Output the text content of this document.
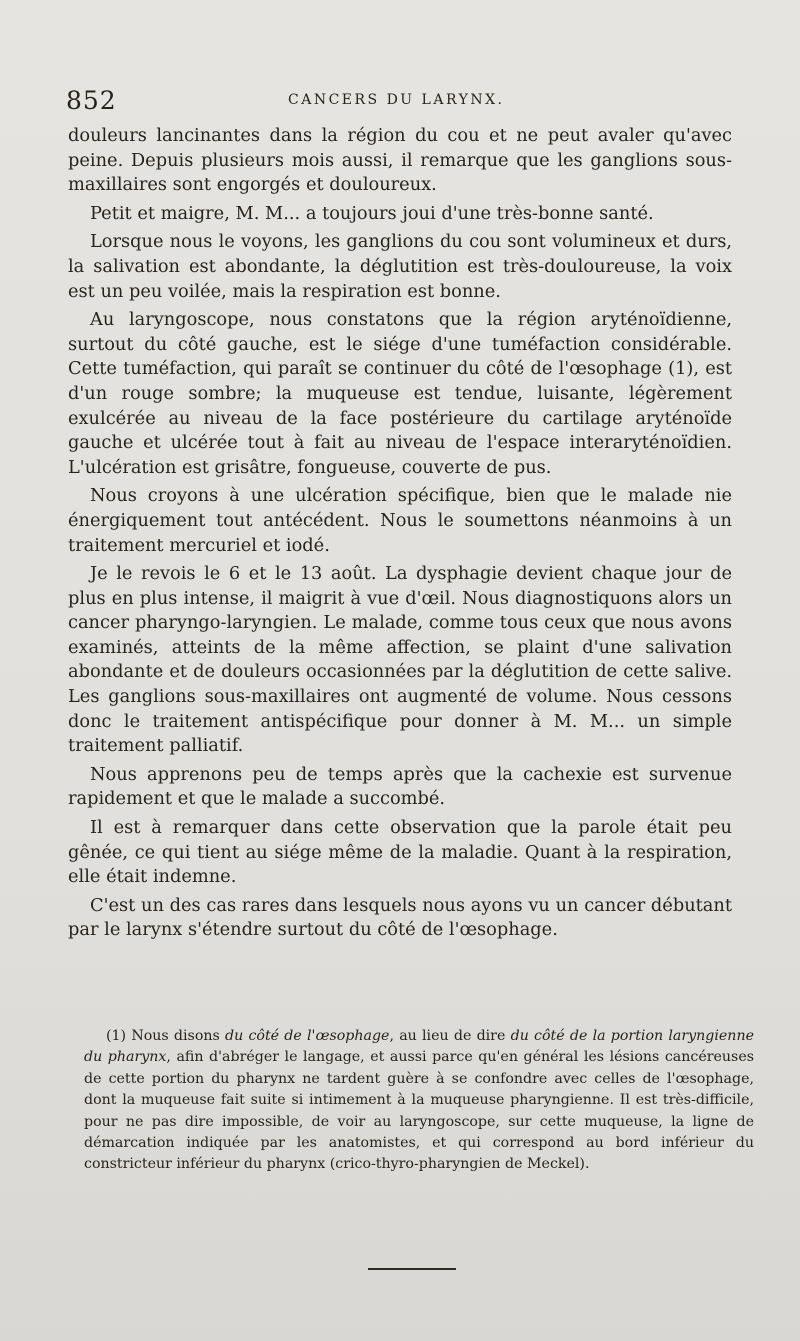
852	CANCERS DU LARYNX.

douleurs lancinantes dans la région du cou et ne peut avaler qu'avec peine. Depuis plusieurs mois aussi, il remarque que les ganglions sous-maxillaires sont engorgés et douloureux.

Petit et maigre, M. M... a toujours joui d'une très-bonne santé.

Lorsque nous le voyons, les ganglions du cou sont volumineux et durs, la salivation est abondante, la déglutition est très-douloureuse, la voix est un peu voilée, mais la respiration est bonne.

Au laryngoscope, nous constatons que la région aryténoïdienne, surtout du côté gauche, est le siége d'une tuméfaction considérable. Cette tuméfaction, qui paraît se continuer du côté de l'œsophage (1), est d'un rouge sombre; la muqueuse est tendue, luisante, légèrement exulcérée au niveau de la face postérieure du cartilage aryténoïde gauche et ulcérée tout à fait au niveau de l'espace interaryténoïdien. L'ulcération est grisâtre, fongueuse, couverte de pus.

Nous croyons à une ulcération spécifique, bien que le malade nie énergiquement tout antécédent. Nous le soumettons néanmoins à un traitement mercuriel et iodé.

Je le revois le 6 et le 13 août. La dysphagie devient chaque jour de plus en plus intense, il maigrit à vue d'œil. Nous diagnostiquons alors un cancer pharyngo-laryngien. Le malade, comme tous ceux que nous avons examinés, atteints de la même affection, se plaint d'une salivation abondante et de douleurs occasionnées par la déglutition de cette salive. Les ganglions sous-maxillaires ont augmenté de volume. Nous cessons donc le traitement antispécifique pour donner à M. M... un simple traitement palliatif.

Nous apprenons peu de temps après que la cachexie est survenue rapidement et que le malade a succombé.

Il est à remarquer dans cette observation que la parole était peu gênée, ce qui tient au siége même de la maladie. Quant à la respiration, elle était indemne.

C'est un des cas rares dans lesquels nous ayons vu un cancer débutant par le larynx s'étendre surtout du côté de l'œsophage.

(1) Nous disons du côté de l'œsophage, au lieu de dire du côté de la portion laryngienne du pharynx, afin d'abréger le langage, et aussi parce qu'en général les lésions cancéreuses de cette portion du pharynx ne tardent guère à se confondre avec celles de l'œsophage, dont la muqueuse fait suite si intimement à la muqueuse pharyngienne. Il est très-difficile, pour ne pas dire impossible, de voir au laryngoscope, sur cette muqueuse, la ligne de démarcation indiquée par les anatomistes, et qui correspond au bord inférieur du constricteur inférieur du pharynx (crico-thyro-pharyngien de Meckel).
